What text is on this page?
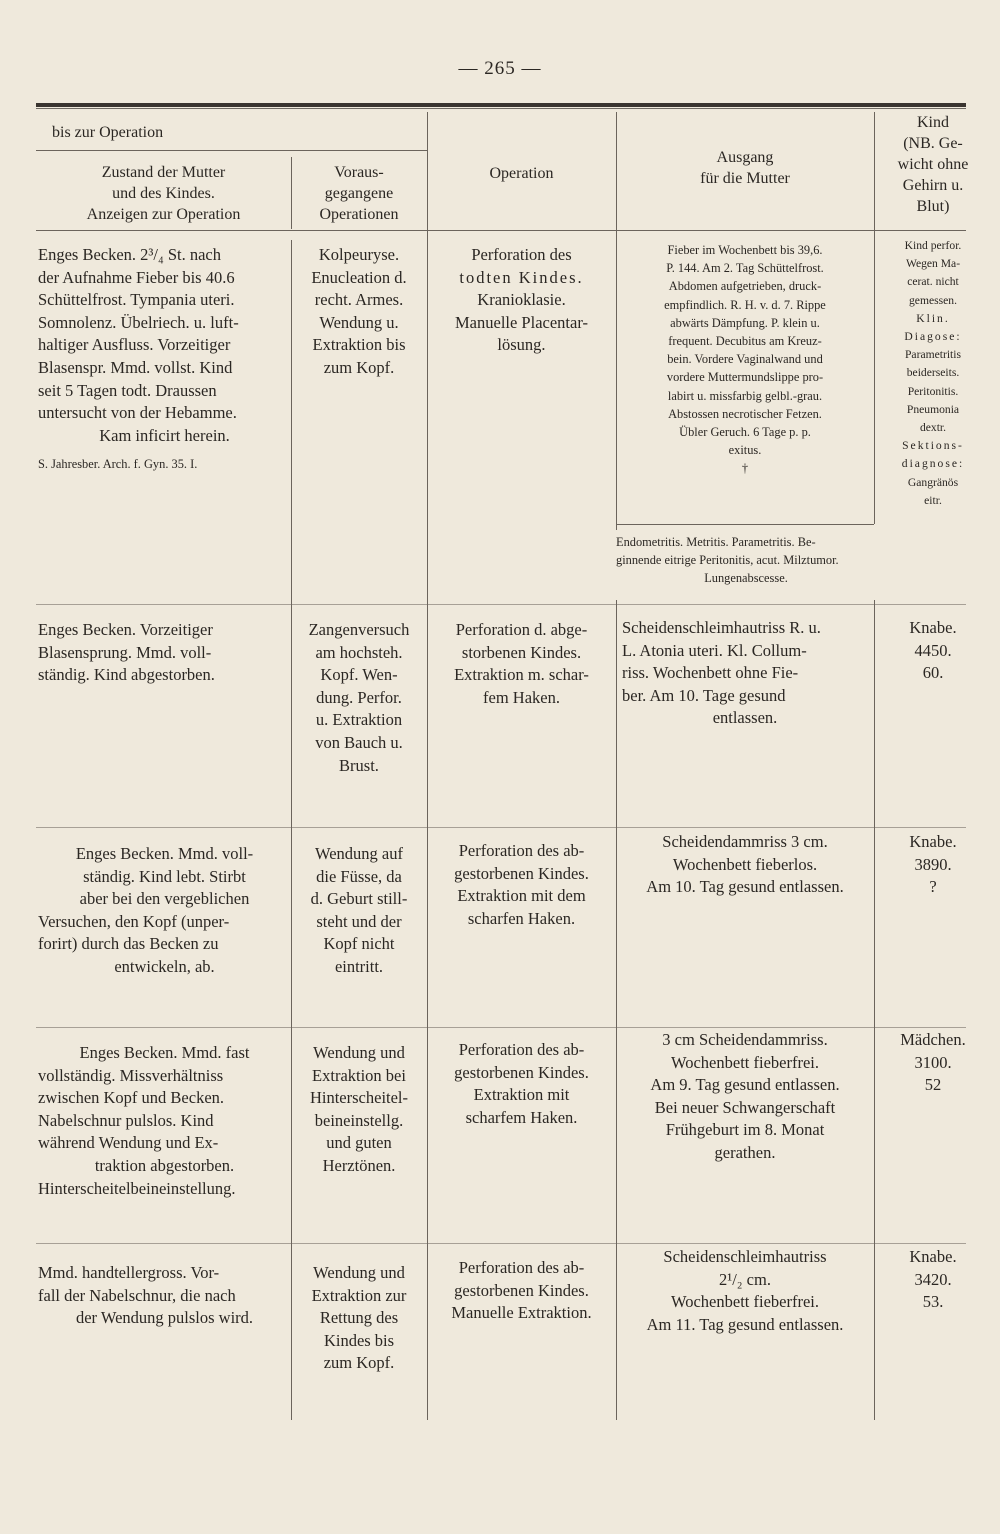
— 265 —
bis zur Operation
Zustand der Mutter
und des Kindes.
Anzeigen zur Operation
Voraus-
gegangene
Operationen
Operation
Ausgang
für die Mutter
Kind
(NB. Ge-
wicht ohne
Gehirn u.
Blut)
Enges Becken. 2³/₄ St. nach
der Aufnahme Fieber bis 40.6
Schüttelfrost. Tympania uteri.
Somnolenz. Übelriech. u. luft-
haltiger Ausfluss. Vorzeitiger
Blasenspr. Mmd. vollst. Kind
seit 5 Tagen todt. Draussen
untersucht von der Hebamme.
Kam inficirt herein.
S. Jahresber. Arch. f. Gyn. 35. I.
Kolpeuryse.
Enucleation d.
recht. Armes.
Wendung u.
Extraktion bis
zum Kopf.
Perforation des
todten Kindes.
Kranioklasie.
Manuelle Placentar-
lösung.
Fieber im Wochenbett bis 39,6.
P. 144. Am 2. Tag Schüttelfrost.
Abdomen aufgetrieben, druck-
empfindlich. R. H. v. d. 7. Rippe
abwärts Dämpfung. P. klein u.
frequent. Decubitus am Kreuz-
bein. Vordere Vaginalwand und
vordere Muttermundslippe pro-
labirt u. missfarbig gelbl.-grau.
Abstossen necrotischer Fetzen.
Übler Geruch. 6 Tage p. p.
exitus.
†
Kind perfor.
Wegen Ma-
cerat. nicht
gemessen.
Klin.
Diagose:
Parametritis
beiderseits.
Peritonitis.
Pneumonia
dextr.
Sektions-
diagnose:
Gangränös
eitr.
Endometritis. Metritis. Parametritis. Be-
ginnende eitrige Peritonitis, acut. Milztumor.
Lungenabscesse.
Enges Becken. Vorzeitiger
Blasensprung. Mmd. voll-
ständig. Kind abgestorben.
Zangenversuch
am hochsteh.
Kopf. Wen-
dung. Perfor.
u. Extraktion
von Bauch u.
Brust.
Perforation d. abge-
storbenen Kindes.
Extraktion m. schar-
fem Haken.
Scheidenschleimhautriss R. u.
L. Atonia uteri. Kl. Collum-
riss. Wochenbett ohne Fie-
ber. Am 10. Tage gesund
entlassen.
Knabe.
4450.
60.
Enges Becken. Mmd. voll-
ständig. Kind lebt. Stirbt
aber bei den vergeblichen
Versuchen, den Kopf (unper-
forirt) durch das Becken zu
entwickeln, ab.
Wendung auf
die Füsse, da
d. Geburt still-
steht und der
Kopf nicht
eintritt.
Perforation des ab-
gestorbenen Kindes.
Extraktion mit dem
scharfen Haken.
Scheidendammriss 3 cm.
Wochenbett fieberlos.
Am 10. Tag gesund entlassen.
Knabe.
3890.
?
Enges Becken. Mmd. fast
vollständig. Missverhältniss
zwischen Kopf und Becken.
Nabelschnur pulslos. Kind
während Wendung und Ex-
traktion abgestorben.
Hinterscheitelbeineinstellung.
Wendung und
Extraktion bei
Hinterscheitel-
beineinstellg.
und guten
Herztönen.
Perforation des ab-
gestorbenen Kindes.
Extraktion mit
scharfem Haken.
3 cm Scheidendammriss.
Wochenbett fieberfrei.
Am 9. Tag gesund entlassen.
Bei neuer Schwangerschaft
Frühgeburt im 8. Monat
gerathen.
Mädchen.
3100.
52
Mmd. handtellergross. Vor-
fall der Nabelschnur, die nach
der Wendung pulslos wird.
Wendung und
Extraktion zur
Rettung des
Kindes bis
zum Kopf.
Perforation des ab-
gestorbenen Kindes.
Manuelle Extraktion.
Scheidenschleimhautriss
2¹/₂ cm.
Wochenbett fieberfrei.
Am 11. Tag gesund entlassen.
Knabe.
3420.
53.
